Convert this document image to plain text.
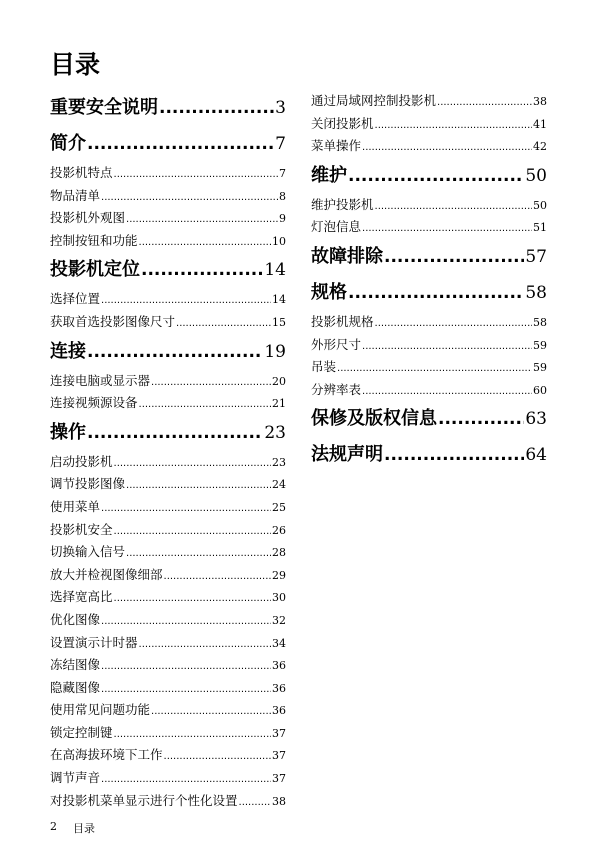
目录
重要安全说明 .....	3
简介 .....	7
投影机特点 .....	7
物品清单 .....	8
投影机外观图 .....	9
控制按钮和功能 .....	10
投影机定位 .....	14
选择位置 .....	14
获取首选投影图像尺寸 .....	15
连接 .....	19
连接电脑或显示器 .....	20
连接视频源设备 .....	21
操作 .....	23
启动投影机 .....	23
调节投影图像 .....	24
使用菜单 .....	25
投影机安全 .....	26
切换输入信号 .....	28
放大并检视图像细部 .....	29
选择宽高比 .....	30
优化图像 .....	32
设置演示计时器 .....	34
冻结图像 .....	36
隐藏图像 .....	36
使用常见问题功能 .....	36
锁定控制键 .....	37
在高海拔环境下工作 .....	37
调节声音 .....	37
对投影机菜单显示进行个性化设置 .....	38
通过局域网控制投影机 .....	38
关闭投影机 .....	41
菜单操作 .....	42
维护 .....	50
维护投影机 .....	50
灯泡信息 .....	51
故障排除 .....	57
规格 .....	58
投影机规格 .....	58
外形尺寸 .....	59
吊装 .....	59
分辨率表 .....	60
保修及版权信息 .....	63
法规声明 .....	64
2 目录
